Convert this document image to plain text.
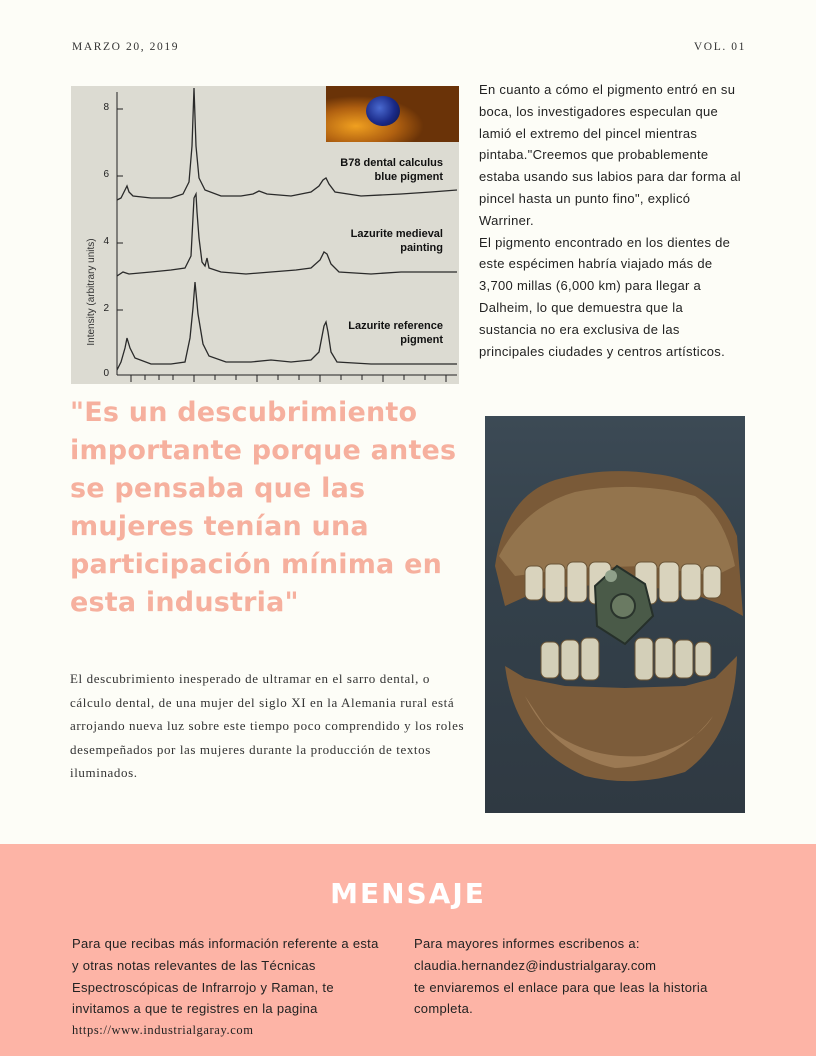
MARZO 20, 2019	VOL. 01
8
6
4
2
0
Intensity (arbitrary units)
B78 dental calculus
blue pigment
Lazurite medieval
painting
Lazurite reference
pigment

En cuanto a cómo el pigmento entró en su boca, los investigadores especulan que lamió el extremo del pincel mientras pintaba."Creemos que probablemente estaba usando sus labios para dar forma al pincel hasta un punto fino", explicó Warriner.

El pigmento encontrado en los dientes de este espécimen habría viajado más de 3,700 millas (6,000 km) para llegar a Dalheim, lo que demuestra que la sustancia no era exclusiva de las principales ciudades y centros artísticos.

"Es un descubrimiento importante porque antes se pensaba que las mujeres tenían una participación mínima en esta industria"
El descubrimiento inesperado de ultramar en el sarro dental, o cálculo dental, de una mujer del siglo XI en la Alemania rural está arrojando nueva luz sobre este tiempo poco comprendido y los roles desempeñados por las mujeres durante la producción de textos iluminados.
MENSAJE
Para que recibas más información referente a esta
y otras notas relevantes de las Técnicas
Espectroscópicas de Infrarrojo y Raman, te
invitamos a que te registres en la pagina
https://www.industrialgaray.com
Para mayores informes escribenos a:
claudia.hernandez@industrialgaray.com
te enviaremos el enlace para que leas la historia
completa.
